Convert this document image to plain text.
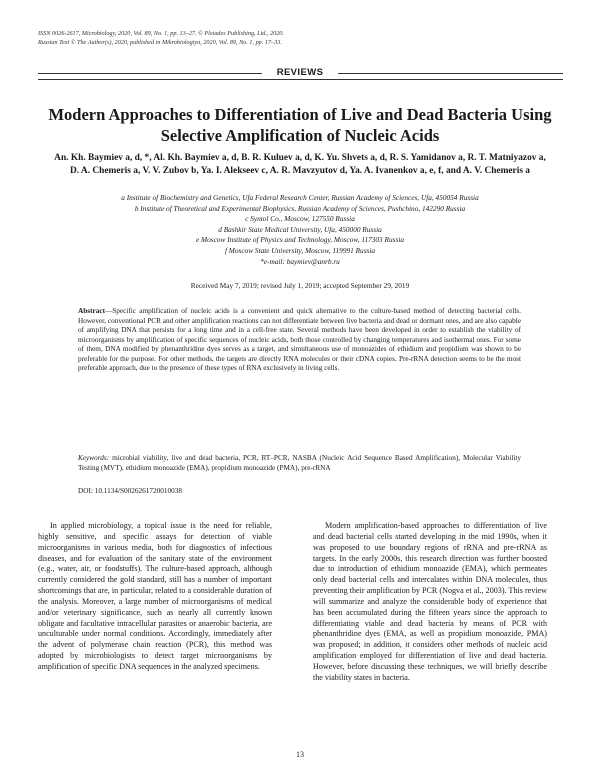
ISSN 0026-2617, Microbiology, 2020, Vol. 89, No. 1, pp. 13–27. © Pleiades Publishing, Ltd., 2020.
Russian Text © The Author(s), 2020, published in Mikrobiologiya, 2020, Vol. 89, No. 1, pp. 17–33.
REVIEWS
Modern Approaches to Differentiation of Live and Dead Bacteria Using Selective Amplification of Nucleic Acids
An. Kh. Baymiev a, d, *, Al. Kh. Baymiev a, d, B. R. Kuluev a, d, K. Yu. Shvets a, d, R. S. Yamidanov a, R. T. Matniyazov a, D. A. Chemeris a, V. V. Zubov b, Ya. I. Alekseev c, A. R. Mavzyutov d, Ya. A. Ivanenkov a, e, f, and A. V. Chemeris a
a Institute of Biochemistry and Genetics, Ufa Federal Research Center, Russian Academy of Sciences, Ufa, 450054 Russia
b Institute of Theoretical and Experimental Biophysics, Russian Academy of Sciences, Pushchino, 142290 Russia
c Syntol Co., Moscow, 127550 Russia
d Bashkir State Medical University, Ufa, 450000 Russia
e Moscow Institute of Physics and Technology, Moscow, 117303 Russia
f Moscow State University, Moscow, 119991 Russia
*e-mail: baymiev@anrb.ru
Received May 7, 2019; revised July 1, 2019; accepted September 29, 2019
Abstract—Specific amplification of nucleic acids is a convenient and quick alternative to the culture-based method of detecting bacterial cells. However, conventional PCR and other amplification reactions can not differentiate between live bacteria and dead or dormant ones, and are also capable of amplifying DNA that persists for a long time and in a cell-free state. Several methods have been developed in order to establish the viability of microorganisms by amplification of specific sequences of nucleic acids, both those controlled by changing temperatures and isothermal ones. For some of them, DNA modified by phenanthridine dyes serves as a target, and simultaneous use of monoazides of ethidium and propidium was shown to be preferable for the purpose. For other methods, the targets are directly RNA molecules or their cDNA copies. Pre-rRNA detection seems to be the most preferable approach, due to the presence of these types of RNA exclusively in living cells.
Keywords: microbial viability, live and dead bacteria, PCR, RT–PCR, NASBA (Nucleic Acid Sequence Based Amplification), Molecular Viability Testing (MVT), ethidium monoazide (EMA), propidium monoazide (PMA), pre-rRNA
DOI: 10.1134/S0026261720010038

In applied microbiology, a topical issue is the need for reliable, highly sensitive, and specific assays for detection of viable microorganisms in various media, both for diagnostics of infectious diseases, and for evaluation of the sanitary state of the environment (e.g., water, air, or foodstuffs). The culture-based approach, although currently considered the gold standard, still has a number of important shortcomings that are, in particular, related to a considerable duration of the analysis. Moreover, a large number of microorganisms of medical and/or veterinary significance, such as nearly all currently known obligate and facultative intracellular parasites or anaerobic bacteria, are unculturable under normal conditions. Accordingly, immediately after the advent of polymerase chain reaction (PCR), this method was adopted by microbiologists to detect target microorganisms by amplification of specific DNA sequences in the analyzed specimens.

Modern amplification-based approaches to differentiation of live and dead bacterial cells started developing in the mid 1990s, when it was proposed to use boundary regions of rRNA and pre-rRNA as targets. In the early 2000s, this research direction was further boosted due to introduction of ethidium monoazide (EMA), which permeates only dead bacterial cells and intercalates within DNA molecules, thus preventing their amplification by PCR (Nogva et al., 2003). This review will summarize and analyze the considerable body of experience that has been accumulated during the fifteen years since the approach to differentiating viable and dead bacteria by means of PCR with phenanthridine dyes (EMA, as well as propidium monoazide, PMA) was proposed; in addition, it considers other methods of nucleic acid amplification employed for differentiation of live and dead bacteria. However, before discussing these techniques, we will briefly describe the viability states in bacteria.

13
